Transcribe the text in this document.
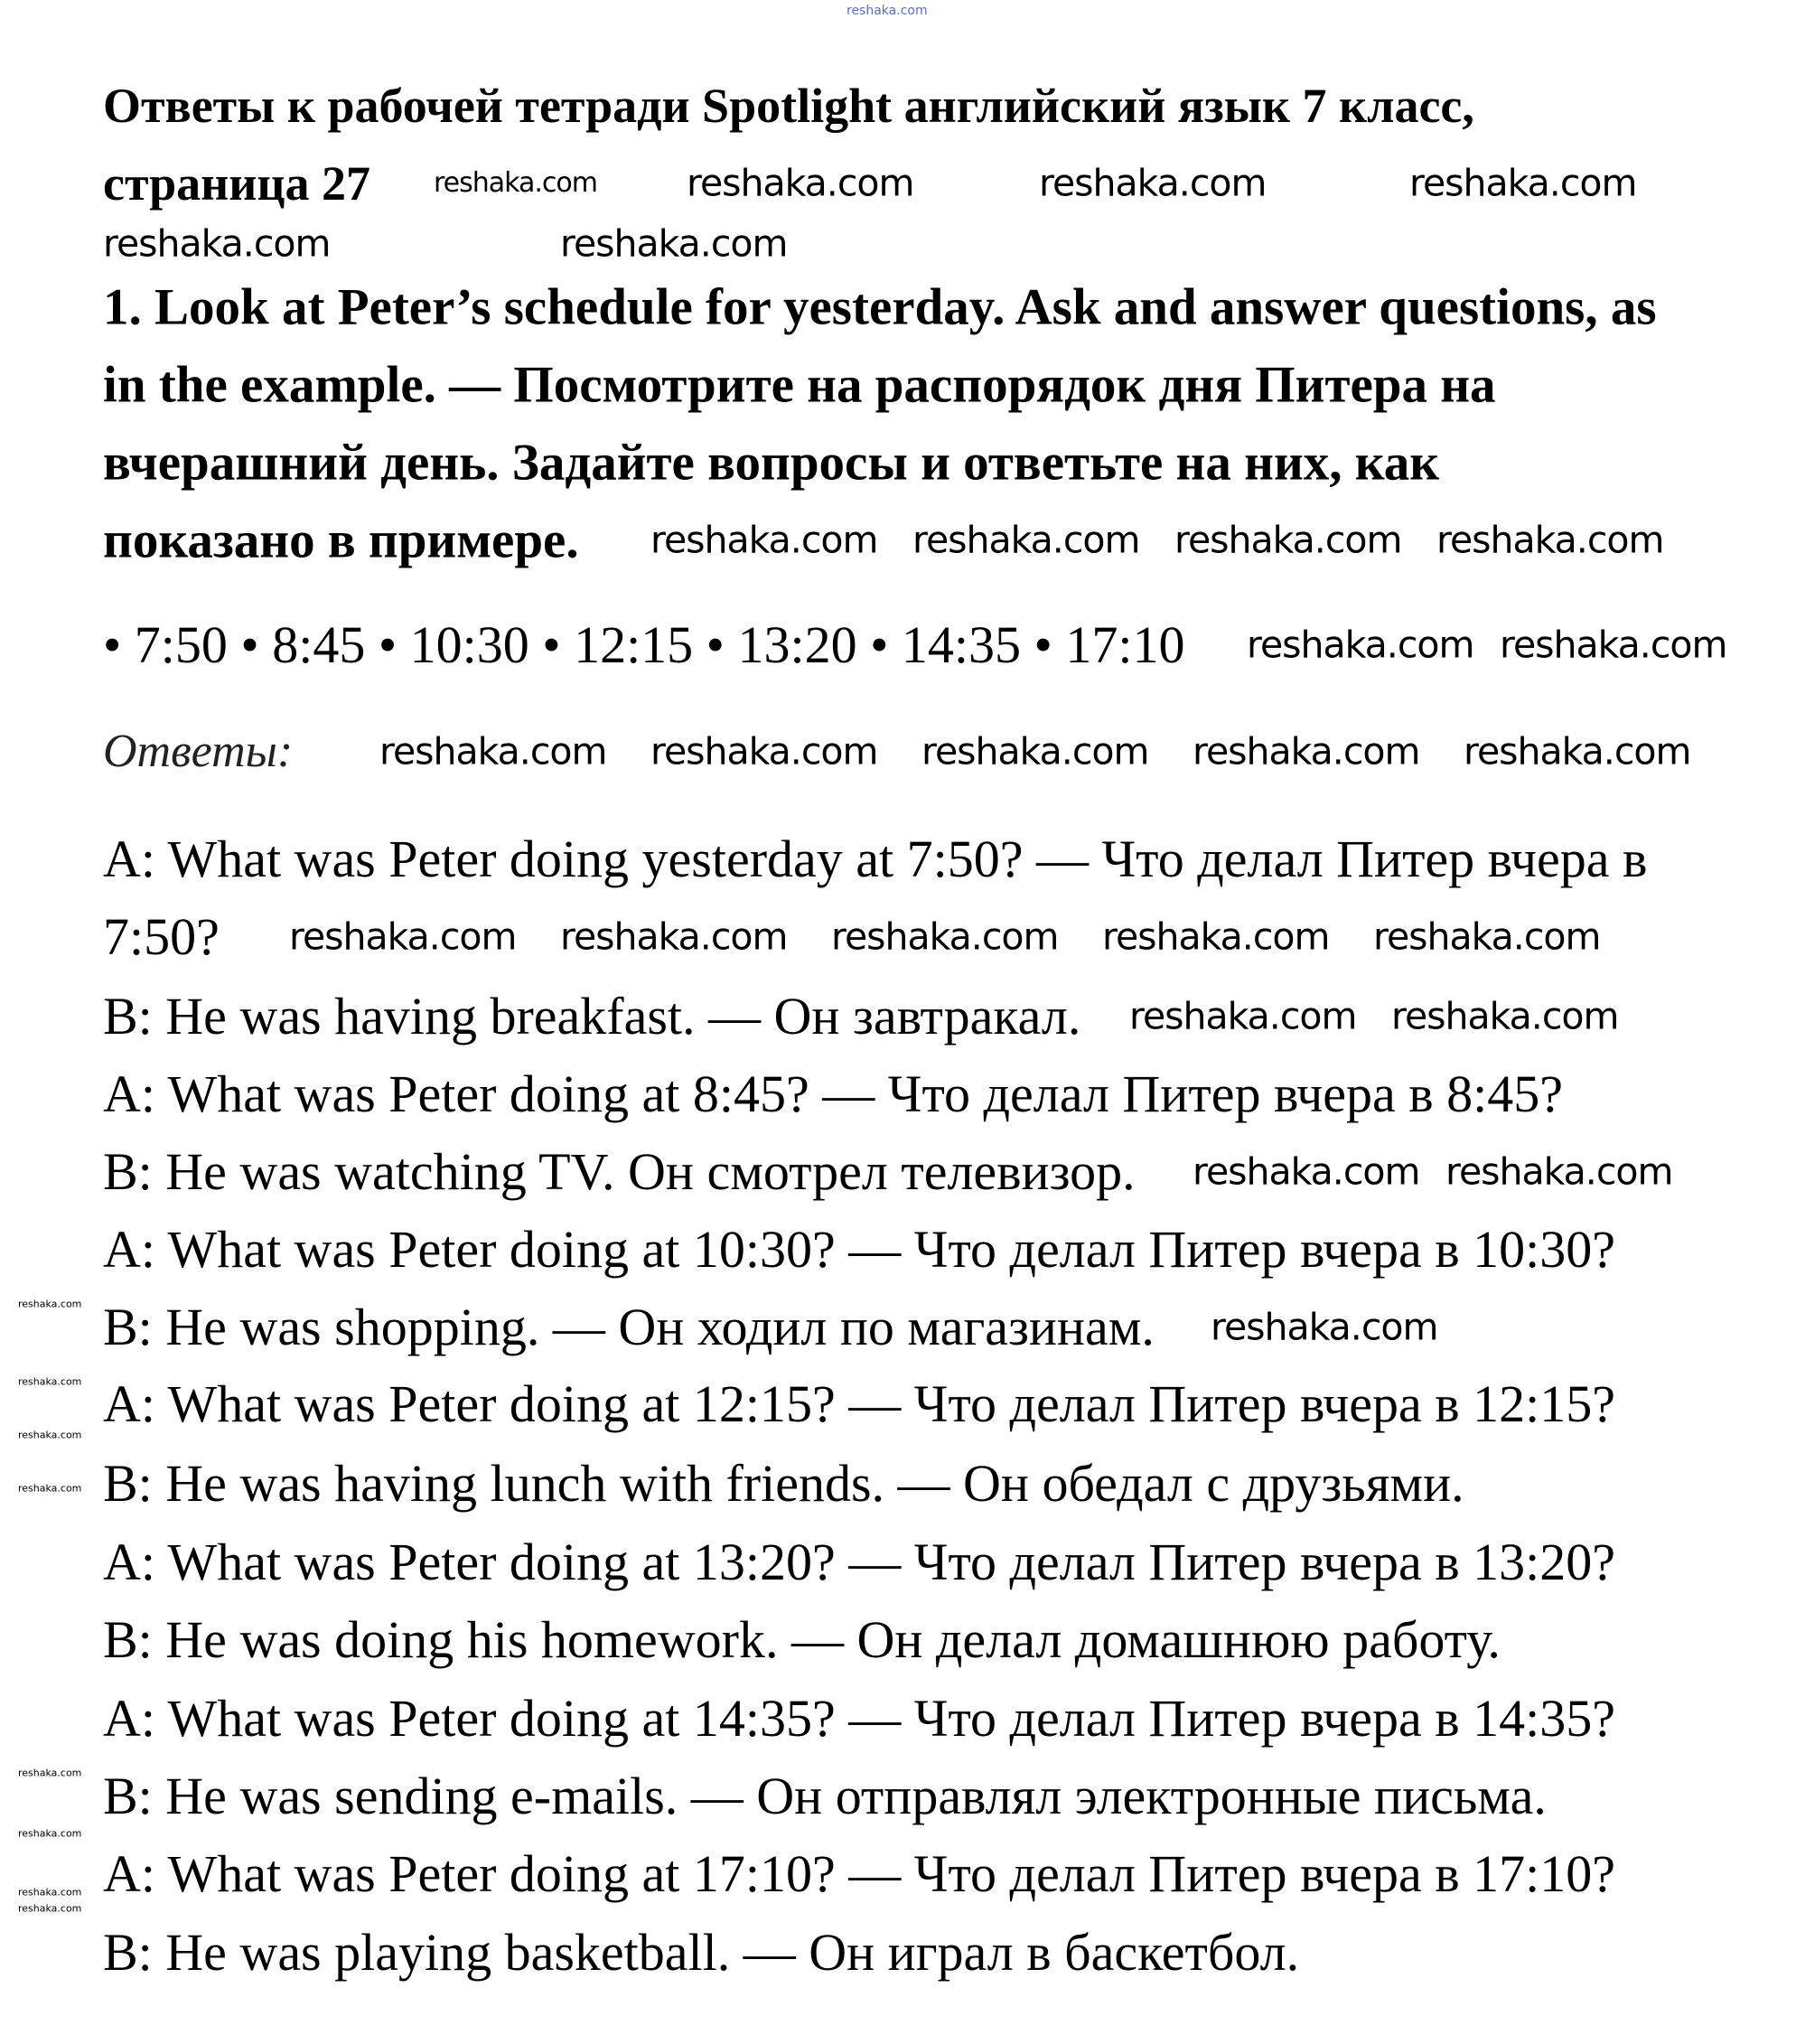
Ответы к рабочей тетради Spotlight английский язык 7 класс,
страница 27
1. Look at Peter’s schedule for yesterday. Ask and answer questions, as
in the example. — Посмотрите на распорядок дня Питера на
вчерашний день. Задайте вопросы и ответьте на них, как
показано в примере.
• 7:50 • 8:45 • 10:30 • 12:15 • 13:20 • 14:35 • 17:10
Ответы:
A: What was Peter doing yesterday at 7:50? — Что делал Питер вчера в
7:50?
B: He was having breakfast. — Он завтракал.
A: What was Peter doing at 8:45? — Что делал Питер вчера в 8:45?
B: He was watching TV. Он смотрел телевизор.
A: What was Peter doing at 10:30? — Что делал Питер вчера в 10:30?
B: He was shopping. — Он ходил по магазинам.
A: What was Peter doing at 12:15? — Что делал Питер вчера в 12:15?
B: He was having lunch with friends. — Он обедал с друзьями.
A: What was Peter doing at 13:20? — Что делал Питер вчера в 13:20?
B: He was doing his homework. — Он делал домашнюю работу.
A: What was Peter doing at 14:35? — Что делал Питер вчера в 14:35?
B: He was sending e-mails. — Он отправлял электронные письма.
A: What was Peter doing at 17:10? — Что делал Питер вчера в 17:10?
B: He was playing basketball. — Он играл в баскетбол.
reshaka.com
reshaka.com reshaka.com	reshaka.com	reshaka.com
reshaka.com	reshaka.com
reshaka.com reshaka.com reshaka.com reshaka.com
reshaka.com reshaka.com
reshaka.com reshaka.com reshaka.com reshaka.com reshaka.com
reshaka.com reshaka.com reshaka.com reshaka.com reshaka.com
reshaka.com reshaka.com
reshaka.com reshaka.com
reshaka.com
reshaka.com
reshaka.com
reshaka.com
reshaka.com
reshaka.com
reshaka.com
reshaka.com
reshaka.com
